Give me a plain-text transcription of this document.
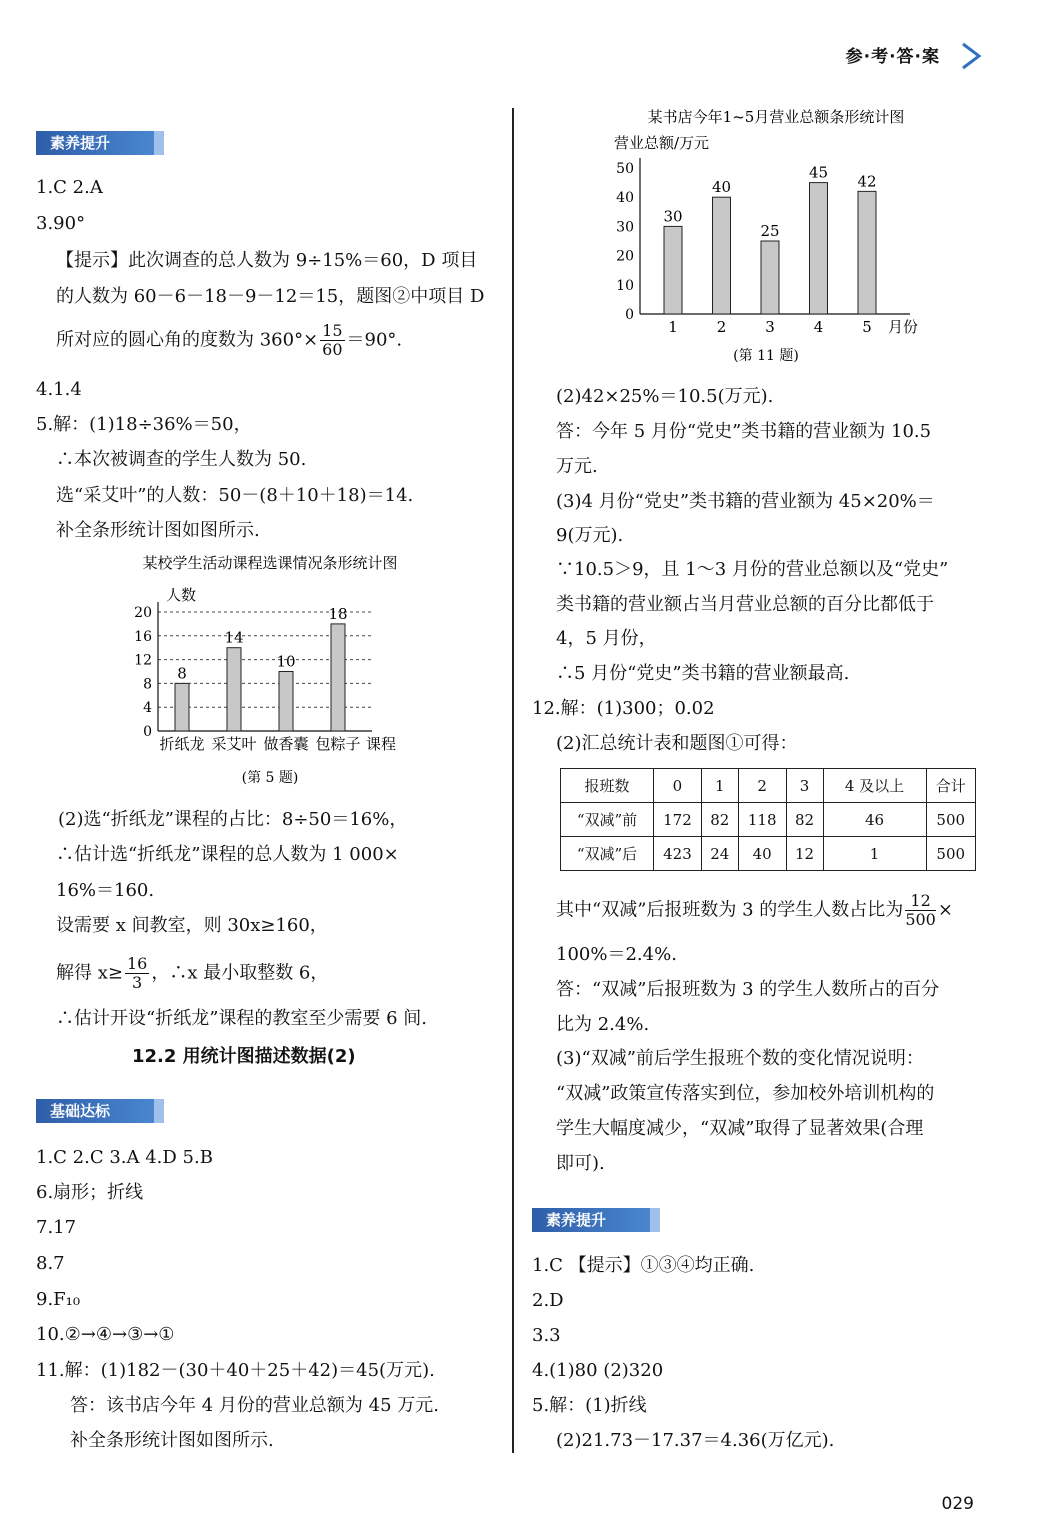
参·考·答·案
素养提升
1.C 2.A
3.90°
【提示】此次调查的总人数为 9÷15%＝60，D 项目
的人数为 60－6－18－9－12＝15，题图②中项目 D
所对应的圆心角的度数为 $360^\circ\times \frac{15}{60} =90^\circ$.
4.1.4
5.解：(1)18÷36%＝50，
∴本次被调查的学生人数为 50.
选“采艾叶”的人数：50－(8＋10＋18)＝14.
补全条形统计图如图所示.
某校学生活动课程选课情况条形统计图
人数
0
4
8
12
16
20
8
折纸龙
14
采艾叶
10
做香囊
18
包粽子 课程
(第 5 题)
(2)选“折纸龙”课程的占比：8÷50＝16%，
∴估计选“折纸龙”课程的总人数为 1 000×
16%＝160.
设需要 x 间教室，则 30x≥160，
解得 $x\ge \frac{16}{3}$ ，∴x 最小取整数 6，
∴估计开设“折纸龙”课程的教室至少需要 6 间.
12.2 用统计图描述数据(2)
基础达标
1.C 2.C 3.A 4.D 5.B
6.扇形；折线
7.17
8.7
9.F₁₀
10.②→④→③→①
11.解：(1)182－(30＋40＋25＋42)＝45(万元).
答：该书店今年 4 月份的营业总额为 45 万元.
补全条形统计图如图所示.
某书店今年1~5月营业总额条形统计图
营业总额/万元
0
10
20
30
40
50
30
1
40
2
25
3
45
4
42
5 月份
(第 11 题)
(2)42×25%＝10.5(万元).
答：今年 5 月份“党史”类书籍的营业额为 10.5
万元.
(3)4 月份“党史”类书籍的营业额为 45×20%＝
9(万元).
∵10.5＞9，且 1～3 月份的营业总额以及“党史”
类书籍的营业额占当月营业总额的百分比都低于
4，5 月份，
∴5 月份“党史”类书籍的营业额最高.
12.解：(1)300；0.02
(2)汇总统计表和题图①可得：
报班数	0	1	2	3	4 及以上	合计
“双减”前	172	82	118	82	46	500
“双减”后	423	24	40	12	1	500
其中“双减”后报班数为 3 的学生人数占比为 $\frac{12}{500}$ ×
100%＝2.4%.
答：“双减”后报班数为 3 的学生人数所占的百分
比为 2.4%.
(3)“双减”前后学生报班个数的变化情况说明：
“双减”政策宣传落实到位，参加校外培训机构的
学生大幅度减少，“双减”取得了显著效果(合理
即可).
素养提升
1.C 【提示】①③④均正确.
2.D
3.3
4.(1)80 (2)320
5.解：(1)折线
(2)21.73－17.37＝4.36(万亿元).
029
